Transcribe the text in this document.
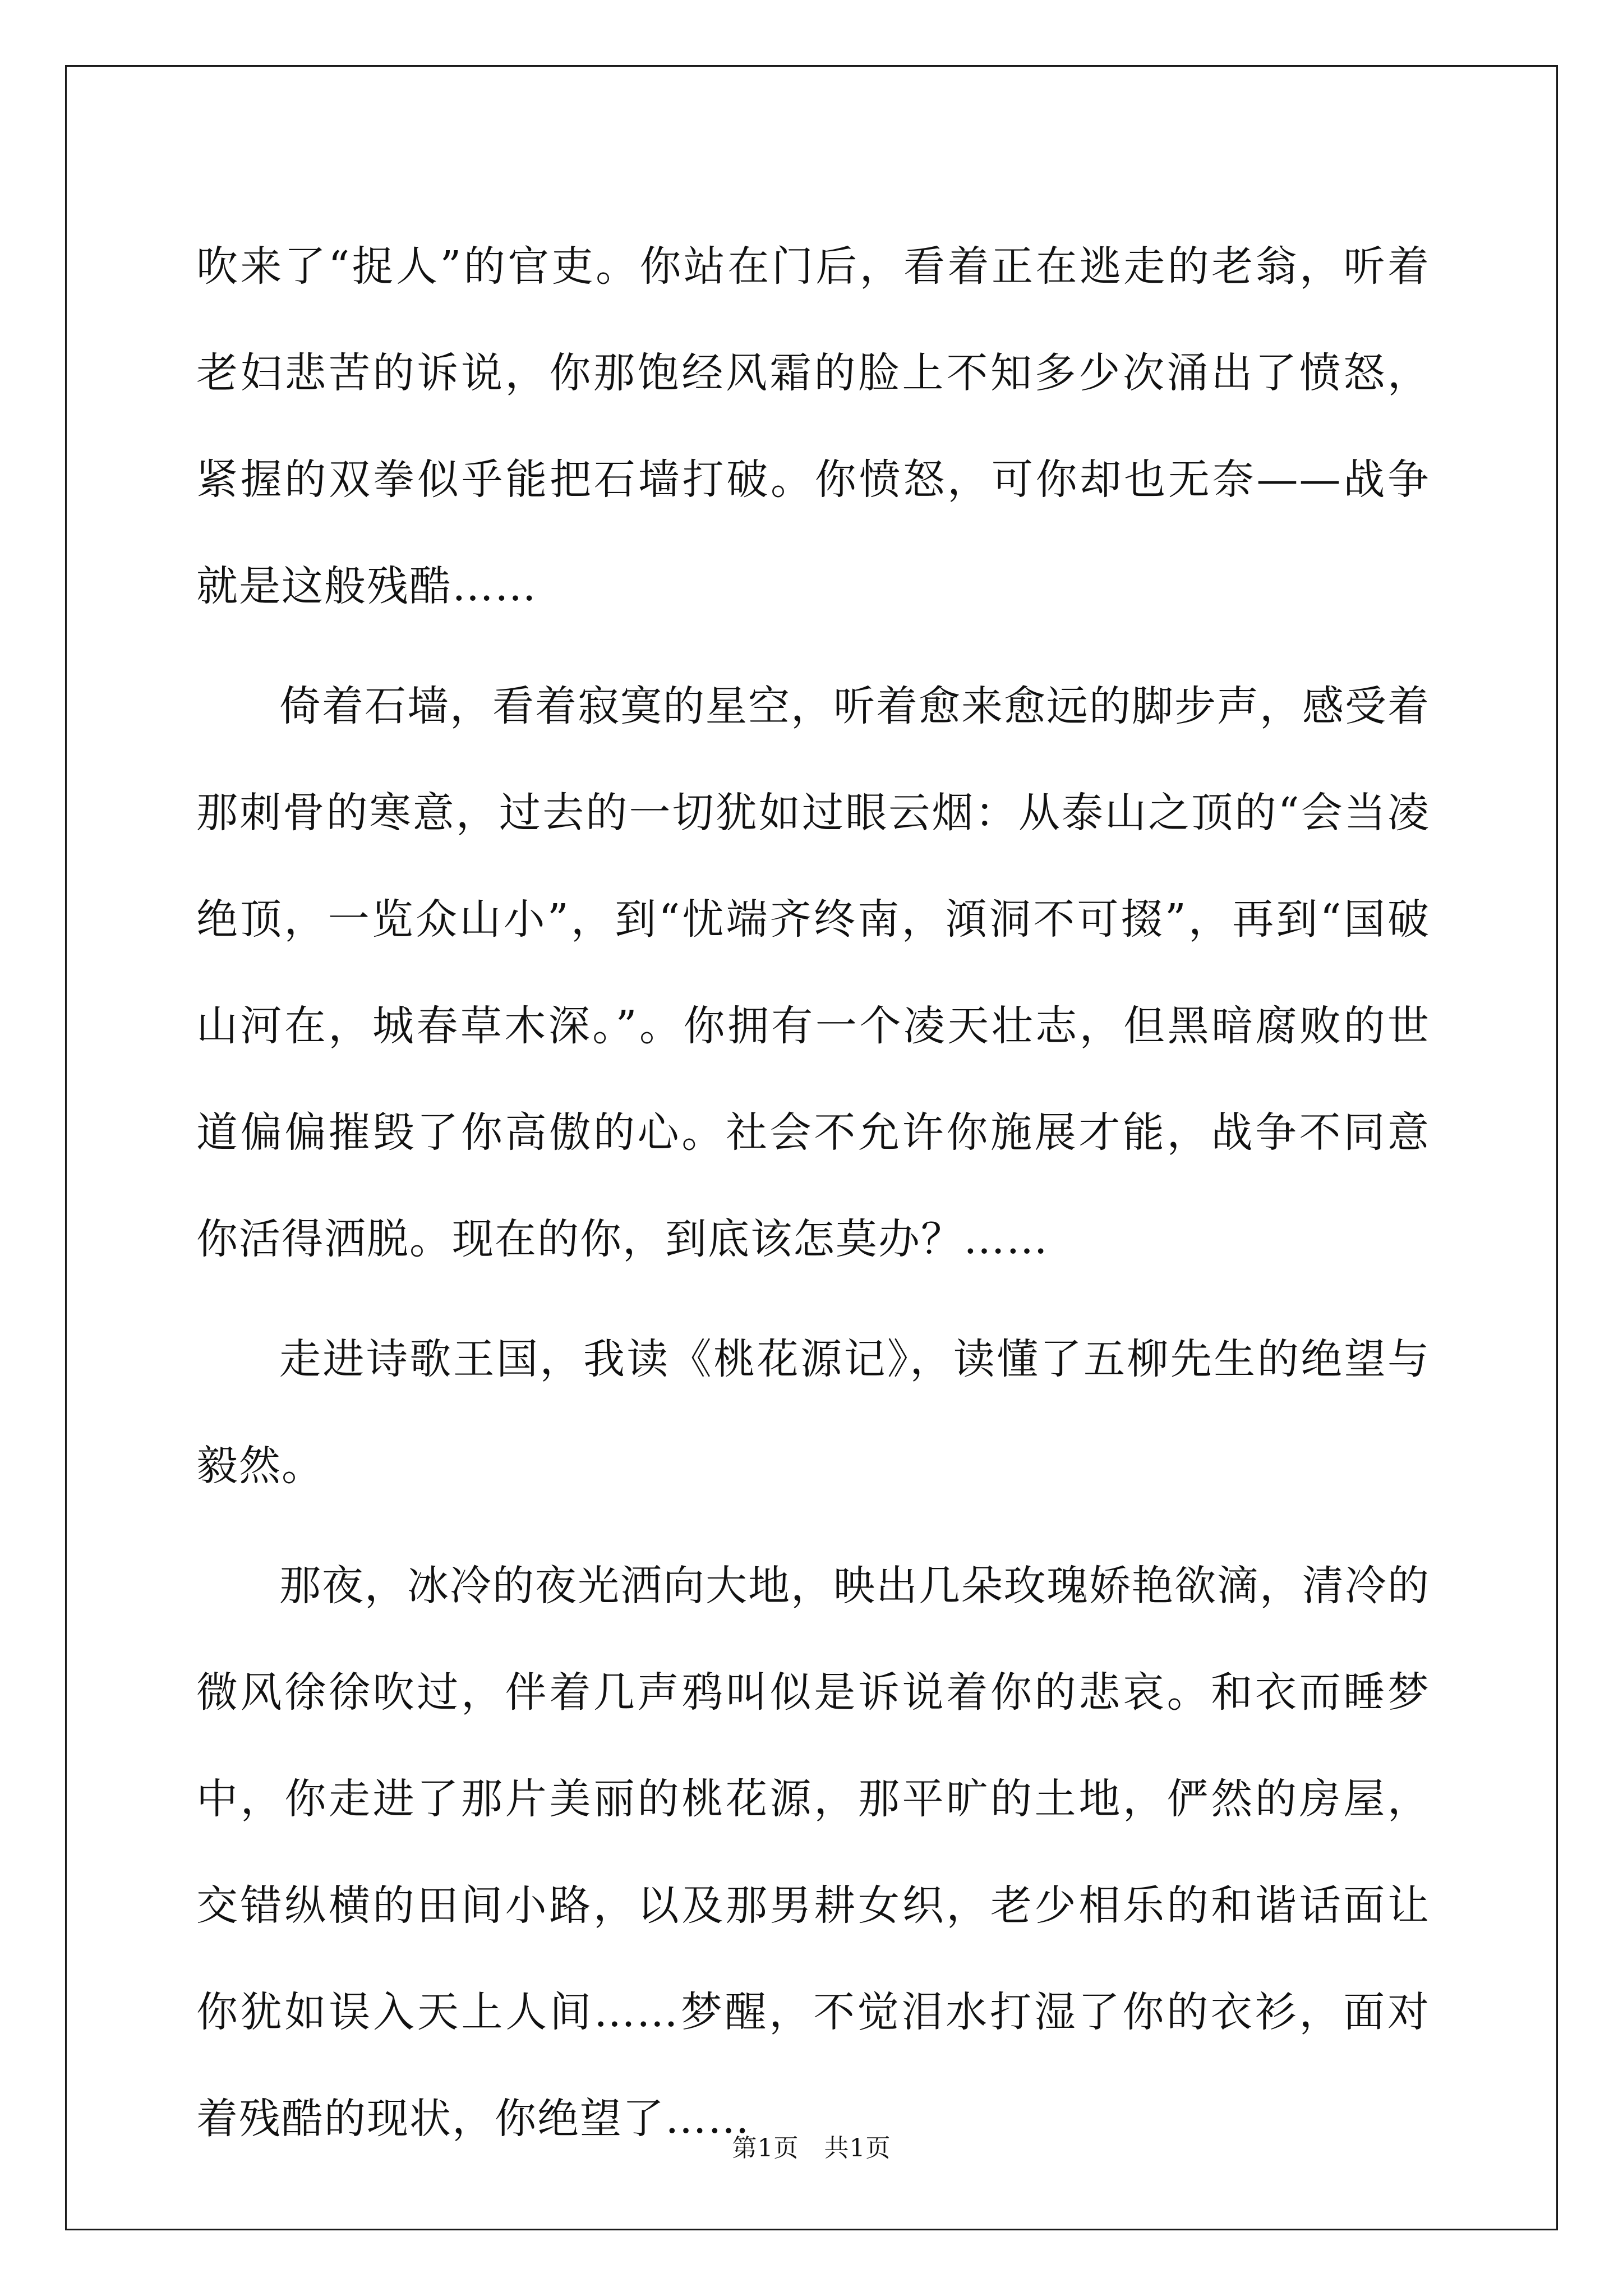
吹来了“捉人”的官吏。你站在门后，看着正在逃走的老翁，听着老妇悲苦的诉说，你那饱经风霜的脸上不知多少次涌出了愤怒，紧握的双拳似乎能把石墙打破。你愤怒，可你却也无奈——战争就是这般残酷……

倚着石墙，看着寂寞的星空，听着愈来愈远的脚步声，感受着那刺骨的寒意，过去的一切犹如过眼云烟：从泰山之顶的“会当凌绝顶，一览众山小”，到“忧端齐终南，澒洞不可掇”，再到“国破山河在，城春草木深。”。你拥有一个凌天壮志，但黑暗腐败的世道偏偏摧毁了你高傲的心。社会不允许你施展才能，战争不同意你活得洒脱。现在的你，到底该怎莫办？……

走进诗歌王国，我读《桃花源记》，读懂了五柳先生的绝望与毅然。

那夜，冰冷的夜光洒向大地，映出几朵玫瑰娇艳欲滴，清冷的微风徐徐吹过，伴着几声鸦叫似是诉说着你的悲哀。和衣而睡梦中，你走进了那片美丽的桃花源，那平旷的土地，俨然的房屋，交错纵横的田间小路，以及那男耕女织，老少相乐的和谐话面让你犹如误入天上人间……梦醒，不觉泪水打湿了你的衣衫，面对着残酷的现状，你绝望了……

第1页　共1页
